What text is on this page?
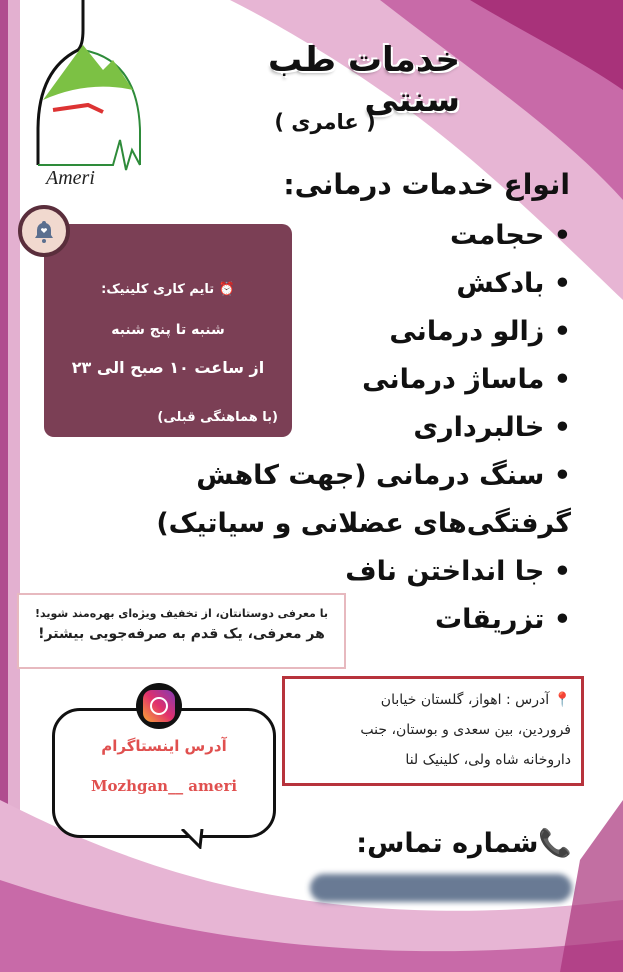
Ameri
خدمات طب سنتی
( عامری )
انواع خدمات درمانی:
• حجامت
• بادکش
• زالو درمانی
• ماساژ درمانی
• خالبرداری
• سنگ درمانی (جهت کاهش
گرفتگی‌های عضلانی و سیاتیک)
• جا انداختن ناف
• تزریقات
⏰ تایم کاری کلینیک:
شنبه تا پنج شنبه
از ساعت ۱۰ صبح الی ۲۳
(با هماهنگی قبلی)
با معرفی دوستانتان، از تخفیف ویژه‌ای بهره‌مند شوید!
هر معرفی، یک قدم به صرفه‌جویی بیشتر!
📍 آدرس : اهواز، گلستان خیابان
فروردین، بین سعدی و بوستان، جنب
داروخانه شاه ولی، کلینیک لنا
آدرس اینستاگرام
Mozhgan__ ameri
📞شماره تماس:
